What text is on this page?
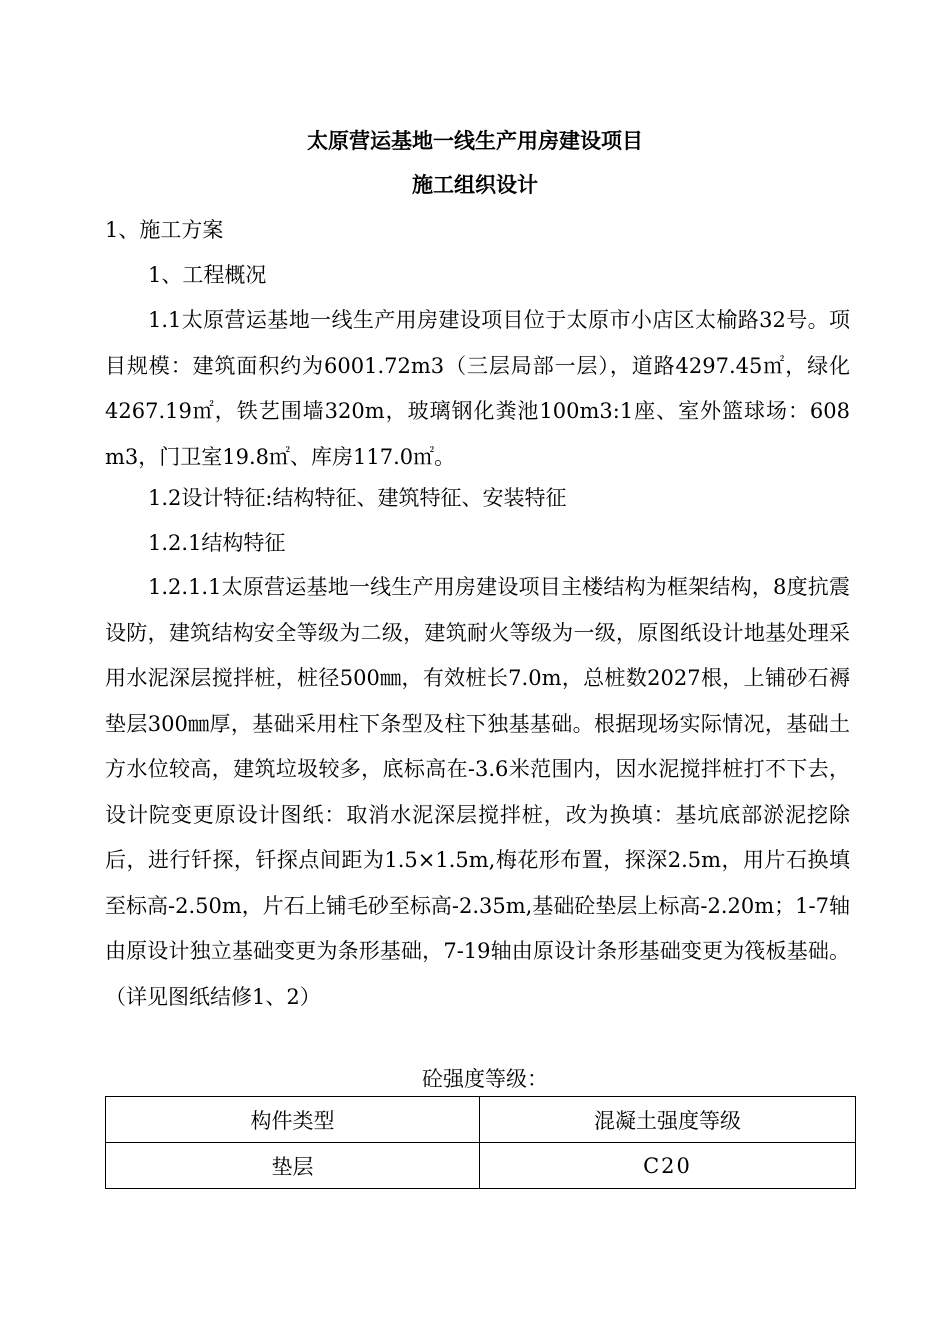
太原营运基地一线生产用房建设项目
施工组织设计
1、施工方案
1、工程概况
1.1太原营运基地一线生产用房建设项目位于太原市小店区太榆路32号。项目规模：建筑面积约为6001.72m3（三层局部一层），道路4297.45㎡，绿化4267.19㎡，铁艺围墙320m，玻璃钢化粪池100m3:1座、室外篮球场：608 m3，门卫室19.8㎡、库房117.0㎡。
1.2设计特征:结构特征、建筑特征、安装特征
1.2.1结构特征
1.2.1.1太原营运基地一线生产用房建设项目主楼结构为框架结构，8度抗震设防，建筑结构安全等级为二级，建筑耐火等级为一级，原图纸设计地基处理采用水泥深层搅拌桩，桩径500㎜，有效桩长7.0m，总桩数2027根，上铺砂石褥垫层300㎜厚，基础采用柱下条型及柱下独基基础。根据现场实际情况，基础土方水位较高，建筑垃圾较多，底标高在-3.6米范围内，因水泥搅拌桩打不下去，设计院变更原设计图纸：取消水泥深层搅拌桩，改为换填：基坑底部淤泥挖除后，进行钎探，钎探点间距为1.5×1.5m,梅花形布置，探深2.5m，用片石换填至标高-2.50m，片石上铺毛砂至标高-2.35m,基础砼垫层上标高-2.20m；1-7轴由原设计独立基础变更为条形基础，7-19轴由原设计条形基础变更为筏板基础。（详见图纸结修1、2）
砼强度等级：
构件类型	混凝土强度等级
垫层	C20
